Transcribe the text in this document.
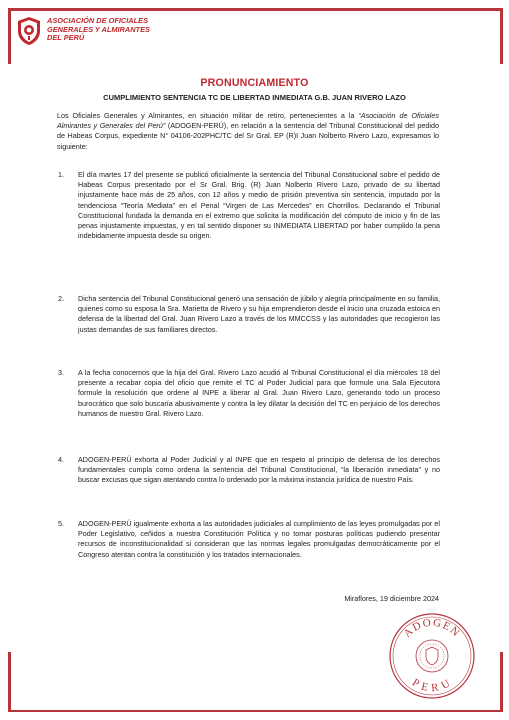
ASOCIACIÓN DE OFICIALES
GENERALES Y ALMIRANTES
DEL PERÚ
PRONUNCIAMIENTO
CUMPLIMIENTO SENTENCIA TC DE LIBERTAD INMEDIATA G.B. JUAN RIVERO LAZO
Los Oficiales Generales y Almirantes, en situación militar de retiro, pertenecientes a la “Asociación de Oficiales Almirantes y Generales del Perú” (ADOGEN-PERÚ), en relación a la sentencia del Tribunal Constitucional del pedido de Habeas Corpus, expediente N° 04106-202PHC/TC del Sr Gral. EP (R)I Juan Nolberto Rivero Lazo, expresamos lo siguiente:
1. El día martes 17 del presente se publicó oficialmente la sentencia del Tribunal Constitucional sobre el pedido de Habeas Corpus presentado por el Sr Gral. Brig. (R) Juan Nolberto Rivero Lazo, privado de su libertad injustamente hace más de 25 años, con 12 años y medio de prisión preventiva sin sentencia, imputado por la tendenciosa “Teoría Mediata” en el Penal “Virgen de Las Mercedes” en Chorrillos. Declarando el Tribunal Constitucional fundada la demanda en el extremo que solicita la modificación del cómputo de inicio y fin de las penas injustamente impuestas, y en tal sentido disponer su INMEDIATA LIBERTAD por haber cumplido la pena indebidamente impuesta desde su origen.
2. Dicha sentencia del Tribunal Constitucional generó una sensación de júbilo y alegría principalmente en su familia, quienes como su esposa la Sra. Marietta de Rivero y su hija emprendieron desde el inicio una cruzada estoica en defensa de la libertad del Gral. Juan Rivero Lazo a través de los MMCCSS y las autoridades que recogieron las justas demandas de sus familiares directos.
3. A la fecha conocemos que la hija del Gral. Rivero Lazo acudió al Tribunal Constitucional el día miércoles 18 del presente a recabar copia del oficio que remite el TC al Poder Judicial para que formule una Sala Ejecutora formule la resolución que ordene al INPE a liberar al Gral. Juan Rivero Lazo, generando todo un proceso burocrático que solo buscaría abusivamente y contra la ley dilatar la decisión del TC en perjuicio de los derechos humanos de nuestro Gral. Rivero Lazo.
4. ADOGEN-PERÚ exhorta al Poder Judicial y al INPE que en respeto al principio de defensa de los derechos fundamentales cumpla como ordena la sentencia del Tribunal Constitucional, “la liberación inmediata” y no buscar excusas que sigan atentando contra lo ordenado por la máxima instancia jurídica de nuestro País.
5. ADOGEN-PERÚ igualmente exhorta a las autoridades judiciales al cumplimiento de las leyes promulgadas por el Poder Legislativo, ceñidos a nuestra Constitución Política y no tomar posturas políticas pudiendo presentar recursos de inconstitucionalidad si consideran que las normas legales promulgadas democráticamente por el Congreso atentan contra la constitución y los tratados internacionales.
Miraflores, 19 diciembre 2024
ADOGEN
PERU
